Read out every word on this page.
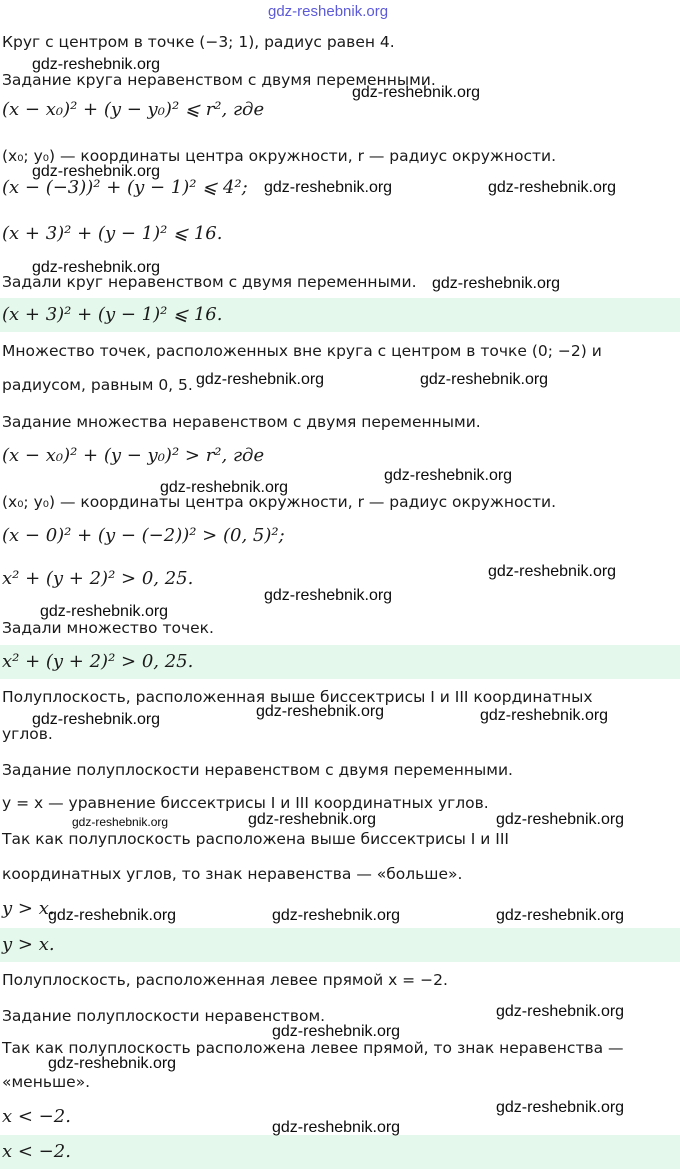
Круг с центром в точке (−3; 1), радиус равен 4.
Задание круга неравенством с двумя переменными.
(x − x₀)² + (y − y₀)² ⩽ r², где
(x₀; y₀) — координаты центра окружности, r — радиус окружности.
(x − (−3))² + (y − 1)² ⩽ 4²;
(x + 3)² + (y − 1)² ⩽ 16.
Задали круг неравенством с двумя переменными.
(x + 3)² + (y − 1)² ⩽ 16.
Множество точек, расположенных вне круга с центром в точке (0; −2) и
радиусом, равным 0, 5.
Задание множества неравенством с двумя переменными.
(x − x₀)² + (y − y₀)² > r², где
(x₀; y₀) — координаты центра окружности, r — радиус окружности.
(x − 0)² + (y − (−2))² > (0, 5)²;
x² + (y + 2)² > 0, 25.
Задали множество точек.
x² + (y + 2)² > 0, 25.
Полуплоскость, расположенная выше биссектрисы I и III координатных
углов.
Задание полуплоскости неравенством с двумя переменными.
y = x — уравнение биссектрисы I и III координатных углов.
Так как полуплоскость расположена выше биссектрисы I и III
координатных углов, то знак неравенства — «больше».
y > x.
y > x.
Полуплоскость, расположенная левее прямой x = −2.
Задание полуплоскости неравенством.
Так как полуплоскость расположена левее прямой, то знак неравенства —
«меньше».
x < −2.
x < −2.
gdz-reshebnik.org
gdz-reshebnik.org
gdz-reshebnik.org
gdz-reshebnik.org
gdz-reshebnik.org	gdz-reshebnik.org
gdz-reshebnik.org
gdz-reshebnik.org
gdz-reshebnik.org	gdz-reshebnik.org
gdz-reshebnik.org
gdz-reshebnik.org
gdz-reshebnik.org
gdz-reshebnik.org
gdz-reshebnik.org
gdz-reshebnik.org
gdz-reshebnik.org	gdz-reshebnik.org
gdz-reshebnik.org	gdz-reshebnik.org	gdz-reshebnik.org
gdz-reshebnik.org	gdz-reshebnik.org	gdz-reshebnik.org
gdz-reshebnik.org
gdz-reshebnik.org
gdz-reshebnik.org
gdz-reshebnik.org
gdz-reshebnik.org
